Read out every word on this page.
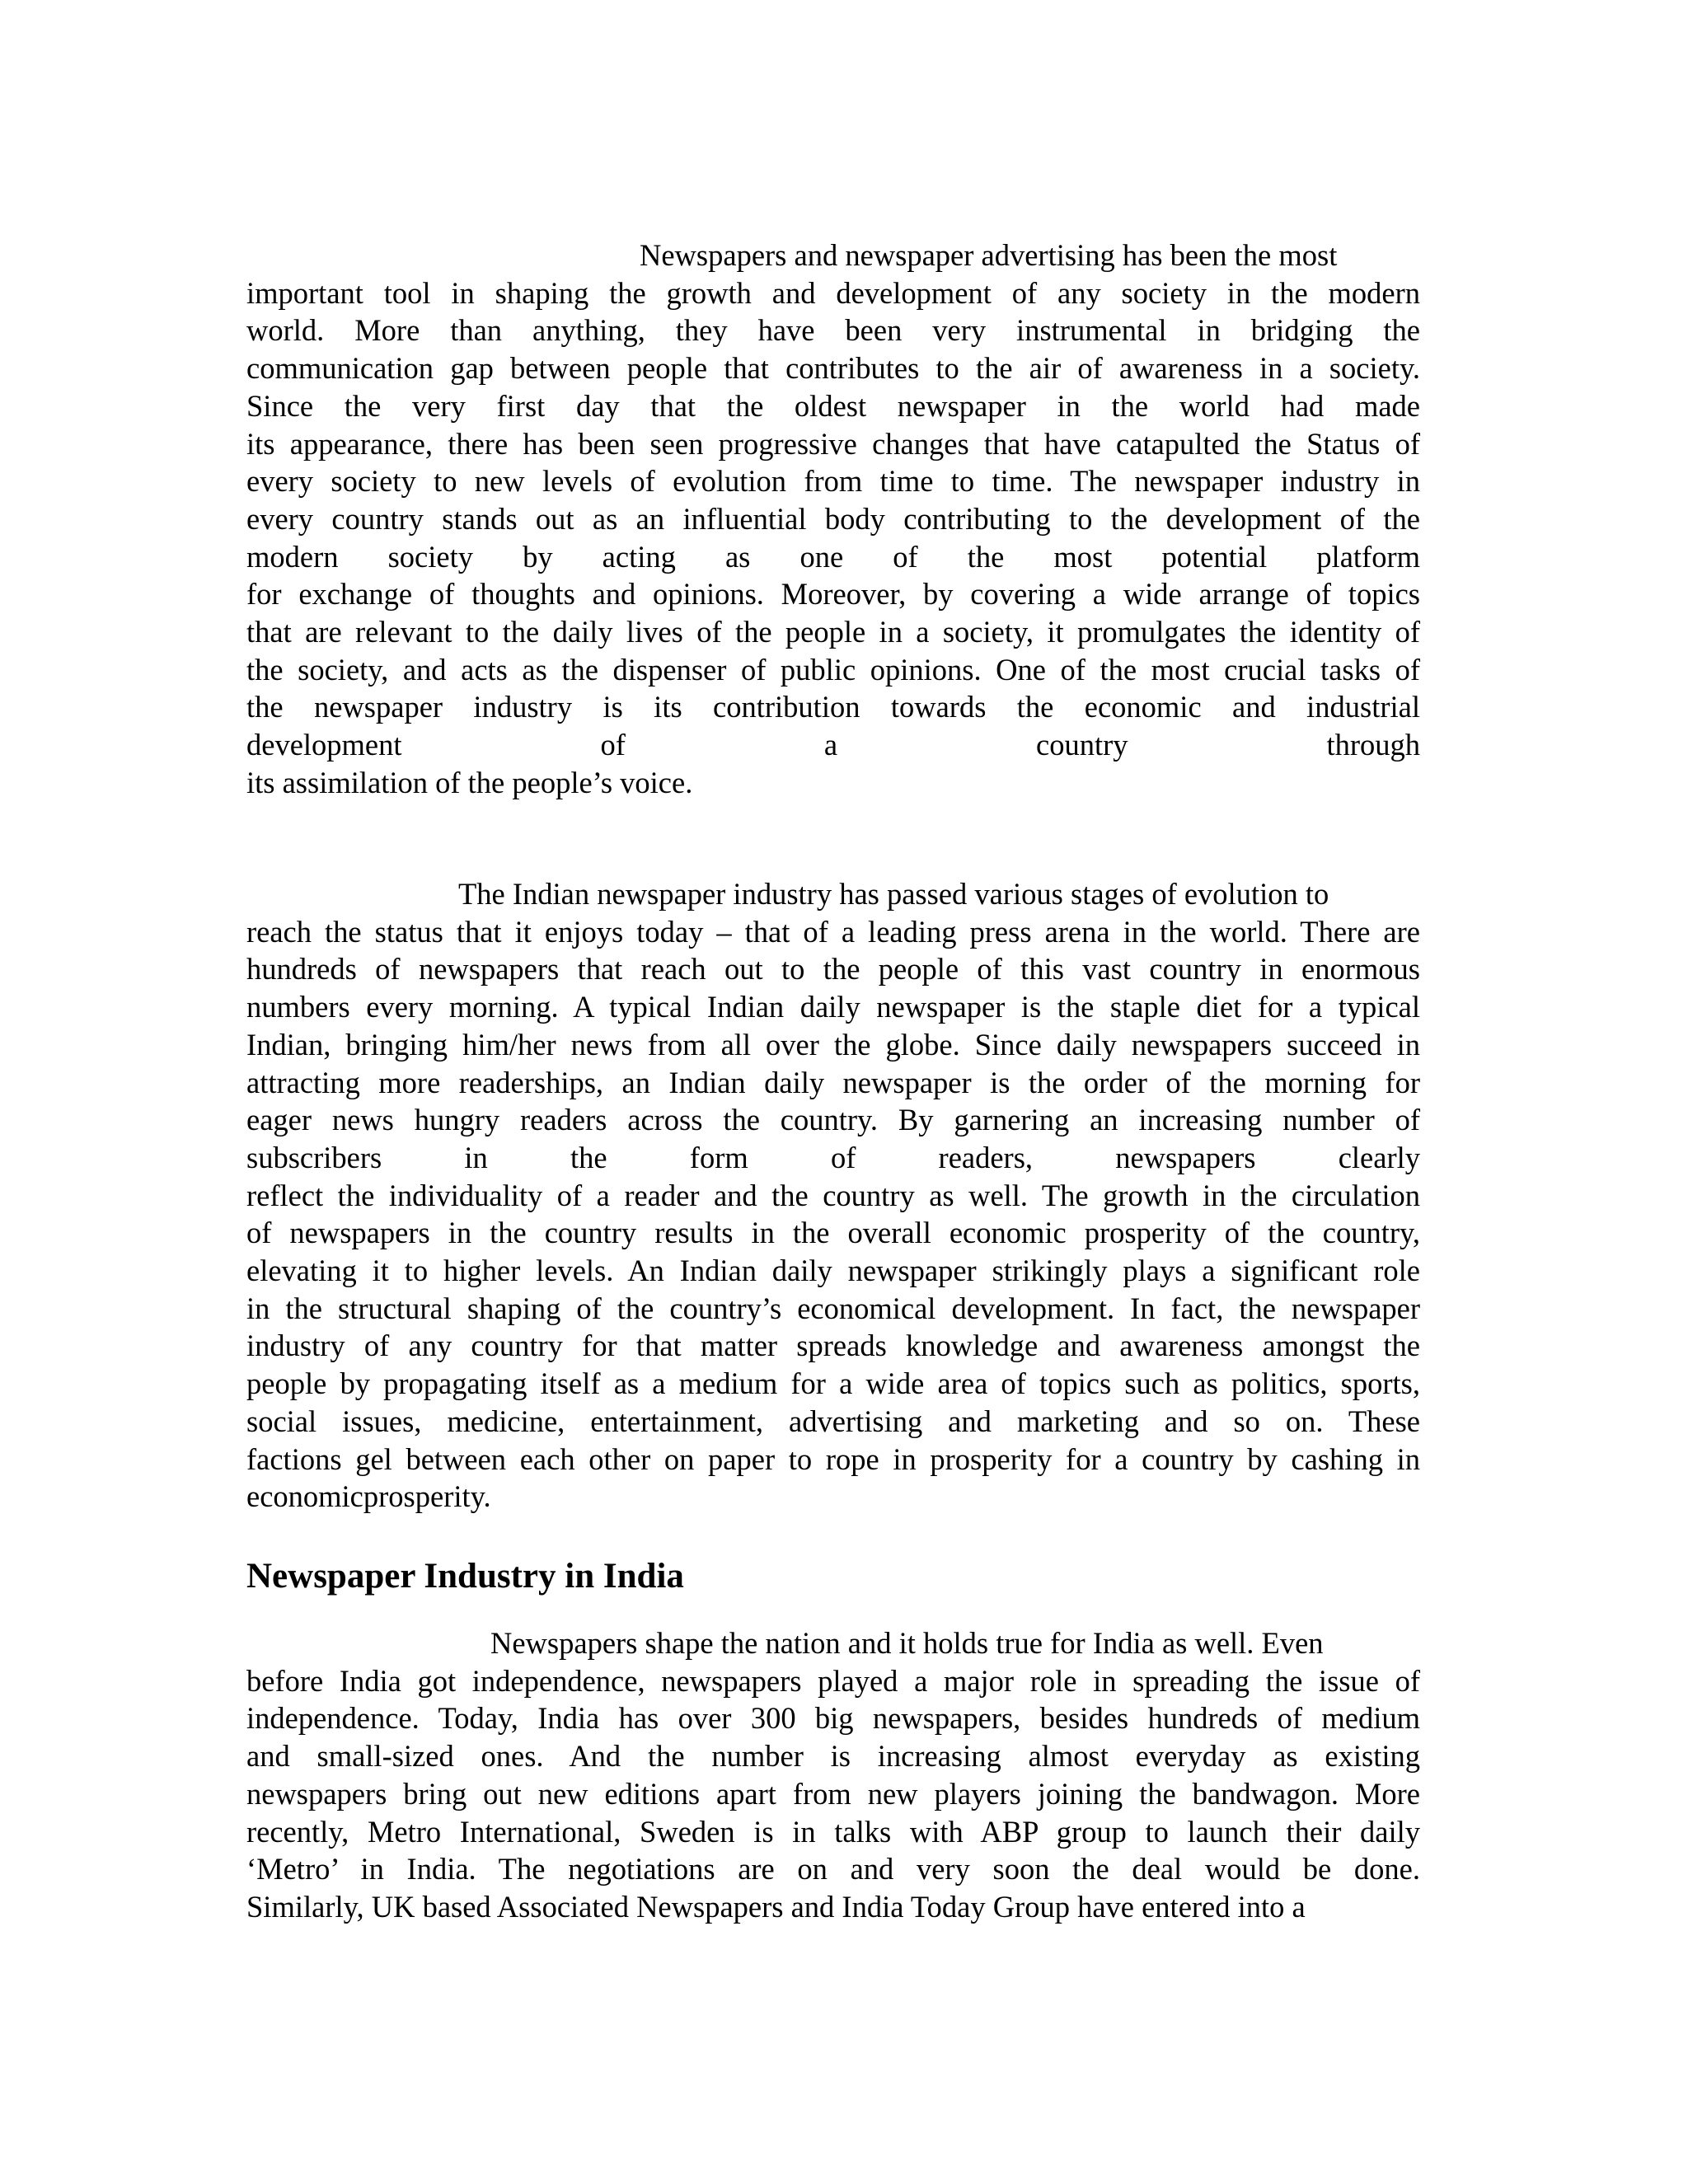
Newspapers and newspaper advertising has been the most
important tool in shaping the growth and development of any society in the modern
world. More than anything, they have been very instrumental in bridging the
communication gap between people that contributes to the air of awareness in a society.
Since the very first day that the oldest newspaper in the world had made
its appearance, there has been seen progressive changes that have catapulted the Status of
every society to new levels of evolution from time to time. The newspaper industry in
every country stands out as an influential body contributing to the development of the
modern society by acting as one of the most potential platform
for exchange of thoughts and opinions. Moreover, by covering a wide arrange of topics
that are relevant to the daily lives of the people in a society, it promulgates the identity of
the society, and acts as the dispenser of public opinions. One of the most crucial tasks of
the newspaper industry is its contribution towards the economic and industrial
development of a country through
its assimilation of the people’s voice.
The Indian newspaper industry has passed various stages of evolution to
reach the status that it enjoys today – that of a leading press arena in the world. There are
hundreds of newspapers that reach out to the people of this vast country in enormous
numbers every morning. A typical Indian daily newspaper is the staple diet for a typical
Indian, bringing him/her news from all over the globe. Since daily newspapers succeed in
attracting more readerships, an Indian daily newspaper is the order of the morning for
eager news hungry readers across the country. By garnering an increasing number of
subscribers in the form of readers, newspapers clearly
reflect the individuality of a reader and the country as well. The growth in the circulation
of newspapers in the country results in the overall economic prosperity of the country,
elevating it to higher levels. An Indian daily newspaper strikingly plays a significant role
in the structural shaping of the country’s economical development. In fact, the newspaper
industry of any country for that matter spreads knowledge and awareness amongst the
people by propagating itself as a medium for a wide area of topics such as politics, sports,
social issues, medicine, entertainment, advertising and marketing and so on. These
factions gel between each other on paper to rope in prosperity for a country by cashing in
economicprosperity.
Newspaper Industry in India
Newspapers shape the nation and it holds true for India as well. Even
before India got independence, newspapers played a major role in spreading the issue of
independence. Today, India has over 300 big newspapers, besides hundreds of medium
and small-sized ones. And the number is increasing almost everyday as existing
newspapers bring out new editions apart from new players joining the bandwagon. More
recently, Metro International, Sweden is in talks with ABP group to launch their daily
‘Metro’ in India. The negotiations are on and very soon the deal would be done.
Similarly, UK based Associated Newspapers and India Today Group have entered into a
